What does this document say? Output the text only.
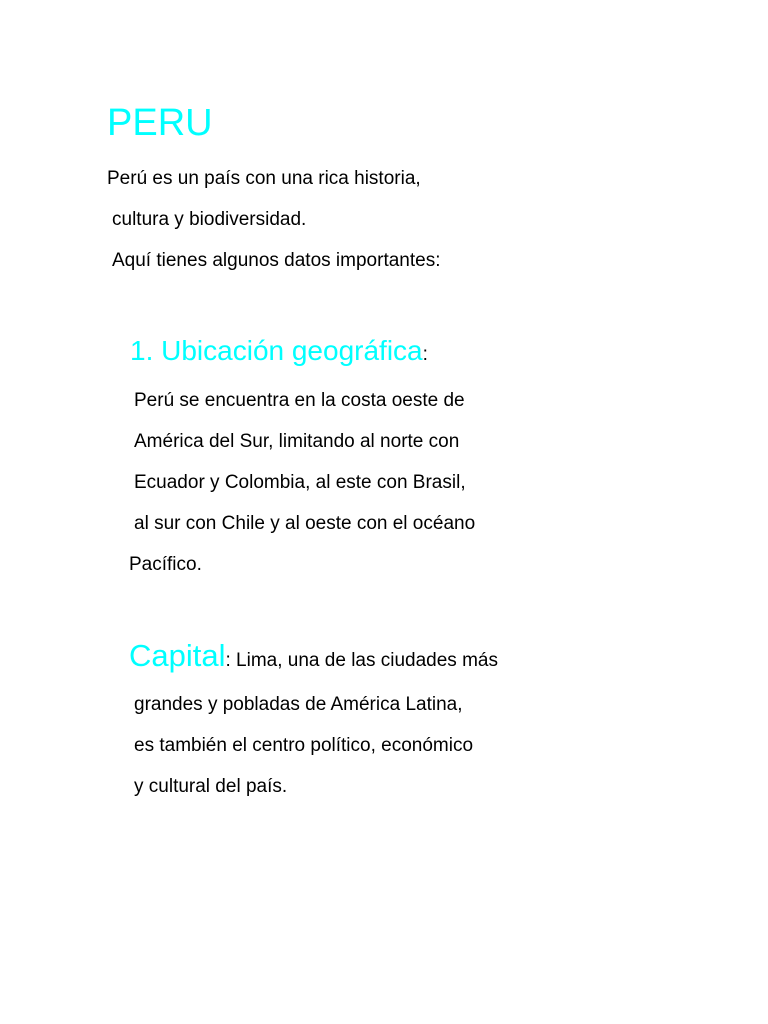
PERU
Perú es un país con una rica historia,
cultura y biodiversidad.
Aquí tienes algunos datos importantes:
1. Ubicación geográfica:
Perú se encuentra en la costa oeste de
América del Sur, limitando al norte con
Ecuador y Colombia, al este con Brasil,
al sur con Chile y al oeste con el océano
Pacífico.
Capital: Lima, una de las ciudades más
grandes y pobladas de América Latina,
es también el centro político, económico
y cultural del país.
